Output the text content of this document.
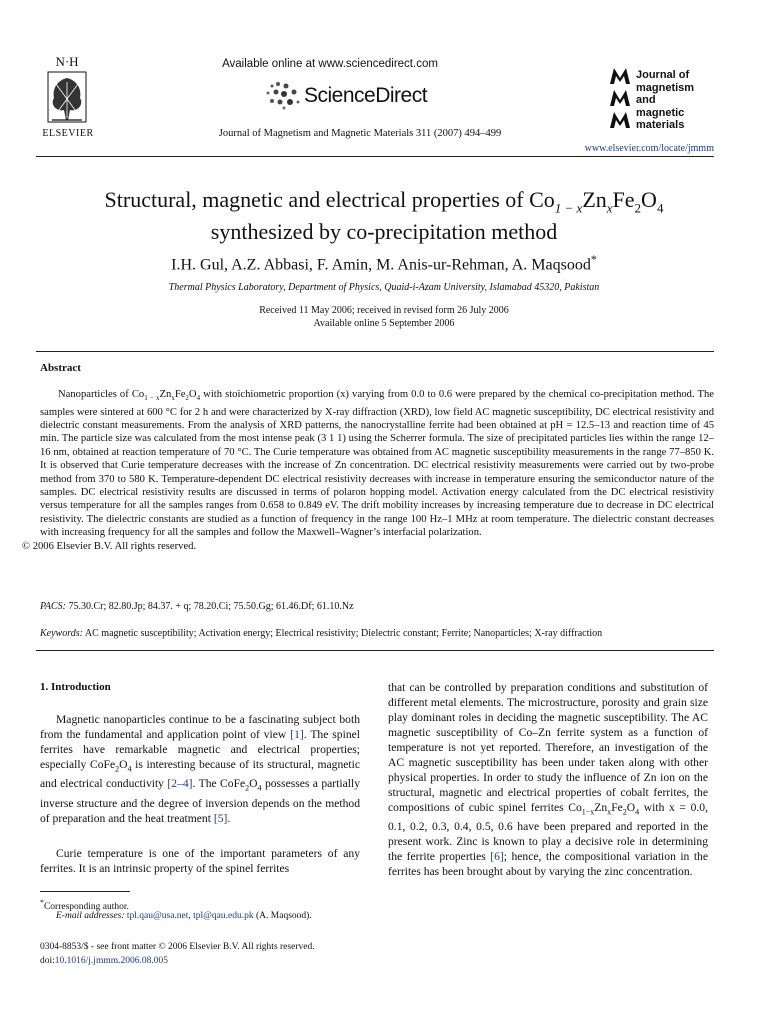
N·H
ELSEVIER
Available online at www.sciencedirect.com
ScienceDirect
Journal of Magnetism and Magnetic Materials 311 (2007) 494–499
Journal of
magnetism
and
magnetic
materials
www.elsevier.com/locate/jmmm
Structural, magnetic and electrical properties of $Co_{1 - x}Zn_xFe_2O_4$
synthesized by co-precipitation method
I.H. Gul, A.Z. Abbasi, F. Amin, M. Anis-ur-Rehman, A. Maqsood*
Thermal Physics Laboratory, Department of Physics, Quaid-i-Azam University, Islamabad 45320, Pakistan
Received 11 May 2006; received in revised form 26 July 2006
Available online 5 September 2006
Abstract
Nanoparticles of $Co_{1 - x}Zn_xFe_2O_4$ with stoichiometric proportion (x) varying from 0.0 to 0.6 were prepared by the chemical co-precipitation method. The samples were sintered at 600 °C for 2 h and were characterized by X-ray diffraction (XRD), low field AC magnetic susceptibility, DC electrical resistivity and dielectric constant measurements. From the analysis of XRD patterns, the nanocrystalline ferrite had been obtained at pH = 12.5–13 and reaction time of 45 min. The particle size was calculated from the most intense peak (3 1 1) using the Scherrer formula. The size of precipitated particles lies within the range 12–16 nm, obtained at reaction temperature of 70 °C. The Curie temperature was obtained from AC magnetic susceptibility measurements in the range 77–850 K. It is observed that Curie temperature decreases with the increase of Zn concentration. DC electrical resistivity measurements were carried out by two-probe method from 370 to 580 K. Temperature-dependent DC electrical resistivity decreases with increase in temperature ensuring the semiconductor nature of the samples. DC electrical resistivity results are discussed in terms of polaron hopping model. Activation energy calculated from the DC electrical resistivity versus temperature for all the samples ranges from 0.658 to 0.849 eV. The drift mobility increases by increasing temperature due to decrease in DC electrical resistivity. The dielectric constants are studied as a function of frequency in the range 100 Hz–1 MHz at room temperature. The dielectric constant decreases with increasing frequency for all the samples and follow the Maxwell–Wagner’s interfacial polarization.
© 2006 Elsevier B.V. All rights reserved.
PACS: 75.30.Cr; 82.80.Jp; 84.37. + q; 78.20.Ci; 75.50.Gg; 61.46.Df; 61.10.Nz
Keywords: AC magnetic susceptibility; Activation energy; Electrical resistivity; Dielectric constant; Ferrite; Nanoparticles; X-ray diffraction
1. Introduction
Magnetic nanoparticles continue to be a fascinating subject both from the fundamental and application point of view [1]. The spinel ferrites have remarkable magnetic and electrical properties; especially $CoFe_2O_4$ is interesting because of its structural, magnetic and electrical conductivity [2–4]. The $CoFe_2O_4$ possesses a partially inverse structure and the degree of inversion depends on the method of preparation and the heat treatment [5].
Curie temperature is one of the important parameters of any ferrites. It is an intrinsic property of the spinel ferrites
*Corresponding author.
E-mail addresses: tpl.qau@usa.net, tpl@qau.edu.pk (A. Maqsood).
0304-8853/$ - see front matter © 2006 Elsevier B.V. All rights reserved.
doi:10.1016/j.jmmm.2006.08.005
that can be controlled by preparation conditions and substitution of different metal elements. The microstructure, porosity and grain size play dominant roles in deciding the magnetic susceptibility. The AC magnetic susceptibility of Co–Zn ferrite system as a function of temperature is not yet reported. Therefore, an investigation of the AC magnetic susceptibility has been under taken along with other physical properties. In order to study the influence of Zn ion on the structural, magnetic and electrical properties of cobalt ferrites, the compositions of cubic spinel ferrites $Co_{1-x}Zn_xFe_2O_4$ with x = 0.0, 0.1, 0.2, 0.3, 0.4, 0.5, 0.6 have been prepared and reported in the present work. Zinc is known to play a decisive role in determining the ferrite properties [6]; hence, the compositional variation in the ferrites has been brought about by varying the zinc concentration.
